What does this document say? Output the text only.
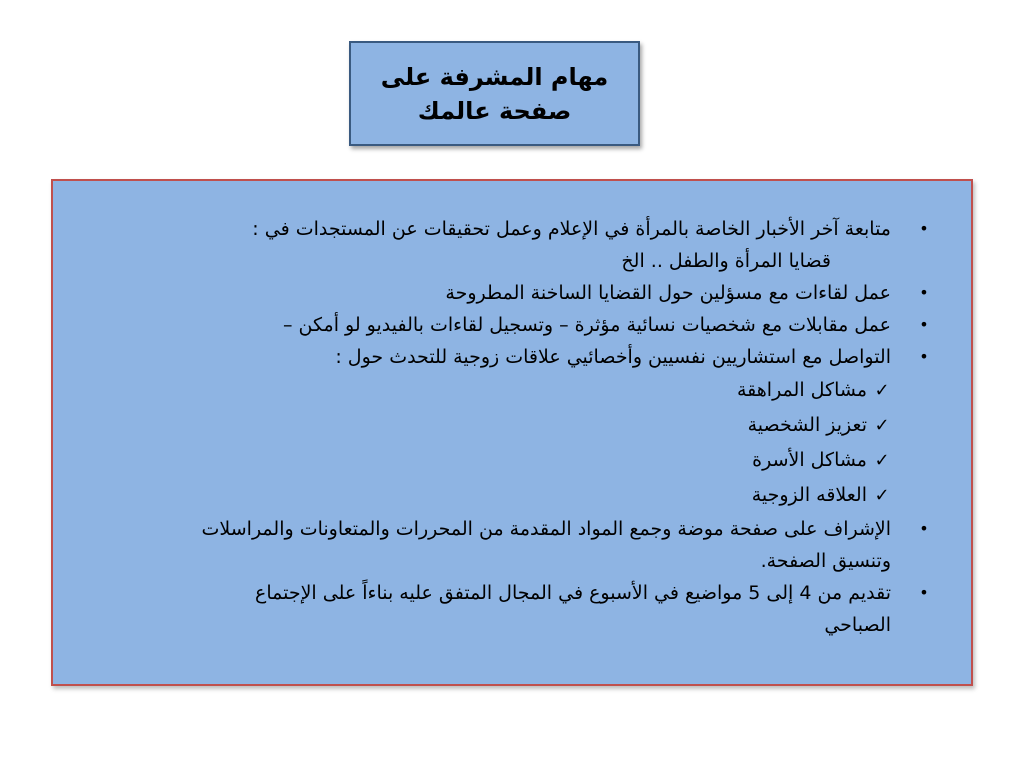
مهام المشرفة على
صفحة عالمك
•
متابعة آخر الأخبار الخاصة بالمرأة في الإعلام وعمل تحقيقات عن المستجدات في :
قضايا المرأة والطفل .. الخ
•
عمل لقاءات مع مسؤلين حول القضايا الساخنة المطروحة
•
عمل مقابلات مع شخصيات نسائية مؤثرة – وتسجيل لقاءات بالفيديو لو أمكن –
•
التواصل مع استشاريين نفسيين وأخصائيي علاقات زوجية للتحدث حول :
✓
مشاكل المراهقة
✓
تعزيز الشخصية
✓
مشاكل الأسرة
✓
العلاقه الزوجية
•
الإشراف على صفحة موضة وجمع المواد المقدمة من المحررات والمتعاونات والمراسلات
وتنسيق الصفحة.
•
تقديم من 4 إلى 5 مواضيع في الأسبوع في المجال المتفق عليه بناءاً على الإجتماع
الصباحي
